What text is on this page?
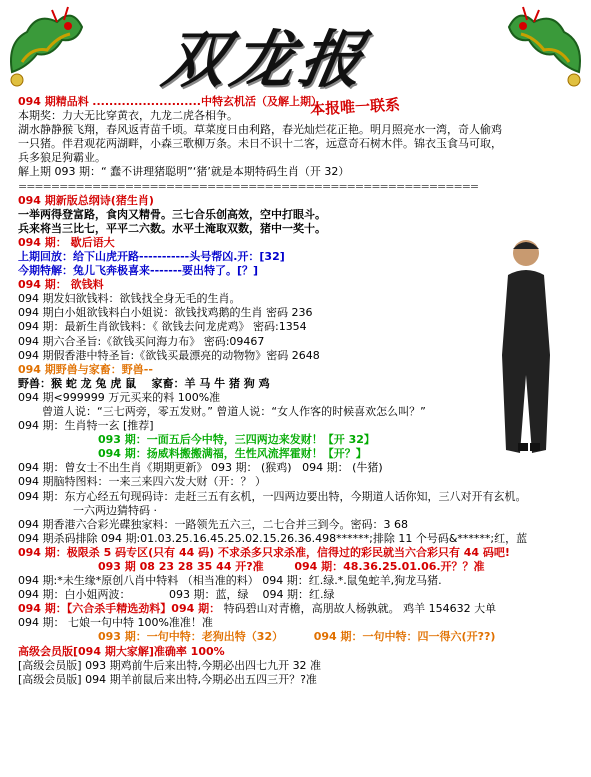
双龙报
本报唯一联系
094 期精品料 ..........................中特玄机活（及解上期）
本期奖：力大无比穿黄衣，九龙二虎各相争。
湖水静静猴飞翔，春风返青苗千顷。草菜度日由利路，春光灿烂花正艳。明月照亮水一湾，奇人偷鸡
一只猪。伴君观花两湖畔，小森三歌柳万条。未日不识十二客，远意奇石树木伴。锦衣玉食马可取，
兵多狼足狗霸业。
解上期 093 期：“ 蠢不讲理猪聪明”‘猪’就是本期特码生肖（开 32）
========================================================
094 期新版总纲诗(猪生肖)
一举两得登富路，食肉又精骨。三七合乐创高效，空中打眼斗。
兵来将当三比七，平平二六数。水平土淹取双数，猪中一奖十。
094 期： 歇后语大
上期回放：给下山虎开路-----------头号帮凶.开：[32]
今期特解：兔儿飞奔极喜来-------要出特了。[？]
094 期： 欲钱料
094 期发妇欲钱料：欲钱找全身无毛的生肖。
094 期白小姐欲钱料白小姐说：欲钱找鸡鹅的生肖 密码 236
094 期：最新生肖欲钱料：《 欲钱去问龙虎鸡》 密码:1354
094 期六合圣旨:《欲钱买问海力布》 密码:09467
094 期假香港中特圣旨:《欲钱买最漂亮的动物物》密码 2648
094 期野兽与家畜：野兽--
野兽：猴 蛇 龙 兔 虎 鼠 家畜：羊 马 牛 猪 狗 鸡
094 期<999999 万元买来的料 100%准
曾道人说：“三七两旁，零五发财。” 曾道人说：“女人作客的时候喜欢怎么叫？”
094 期：生肖特一玄 [推荐]
093 期：一面五后今中特，三四两边来发财！【开 32】
094 期：扬威料搬搬满福，生性风流挥霍财！【开？】
094 期：曾女士不出生肖《期期更新》 093 期： (猴鸡) 094 期： (牛猪)
094 期脑特图料：一来三来四六发大财（开：？ ）
094 期：东方心经五句现码诗：走赶三五有玄机，一四两边要出特，今期道人话你知，三八对开有玄机。
一六两边猜特码 ·
094 期香港六合彩光碟独家料：一路领先五六三，二七合并三到今。密码：3 68
094 期杀码排除 094 期:01.03.25.16.45.25.02.15.26.36.498******;排除 11 个号码&******;红，蓝
094 期：极限杀 5 码专区(只有 44 码) 不求杀多只求杀准，信得过的彩民就当六合彩只有 44 码吧!
093 期 08 23 28 35 44 开?准	094 期：48.36.25.01.06.开？？准
094 期:*未生缘*原创八肖中特料 （相当准的料） 094 期：红.绿.*.鼠兔蛇羊,狗龙马猪.
094 期：白小姐两波：	093 期：蓝，绿 094 期：红.绿
094 期：【六合杀手精选劲料】094 期： 特码碧山对青檐，高朋故人杨孰就。 鸡羊 154632 大单
094 期： 七娘一句中特 100%准准！准
093 期：一句中特：老狗出特（32）	094 期：一句中特：四一得六(开??)
高级会员版[094 期大家解]准确率 100%
[高级会员版] 093 期鸡前牛后来出特,今期必出四七九开 32 准
[高级会员版] 094 期羊前鼠后来出特,今期必出五四三开？?准
